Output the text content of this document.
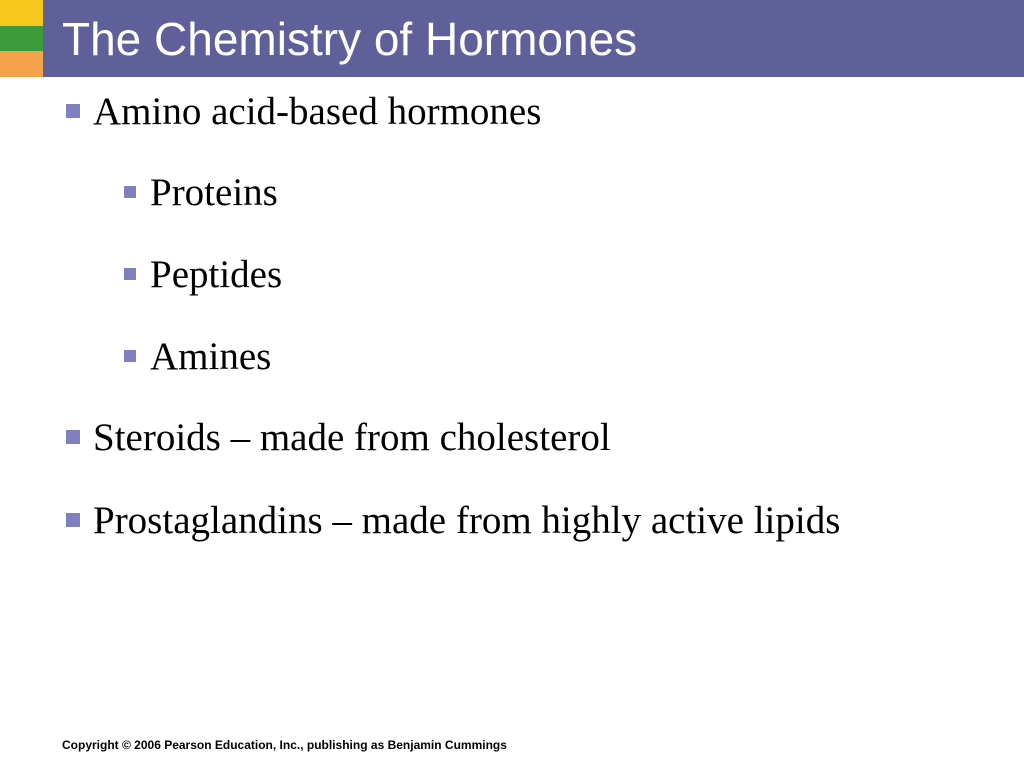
The Chemistry of Hormones
Amino acid-based hormones
Proteins
Peptides
Amines
Steroids – made from cholesterol
Prostaglandins – made from highly active lipids
Copyright © 2006 Pearson Education, Inc., publishing as Benjamin Cummings
